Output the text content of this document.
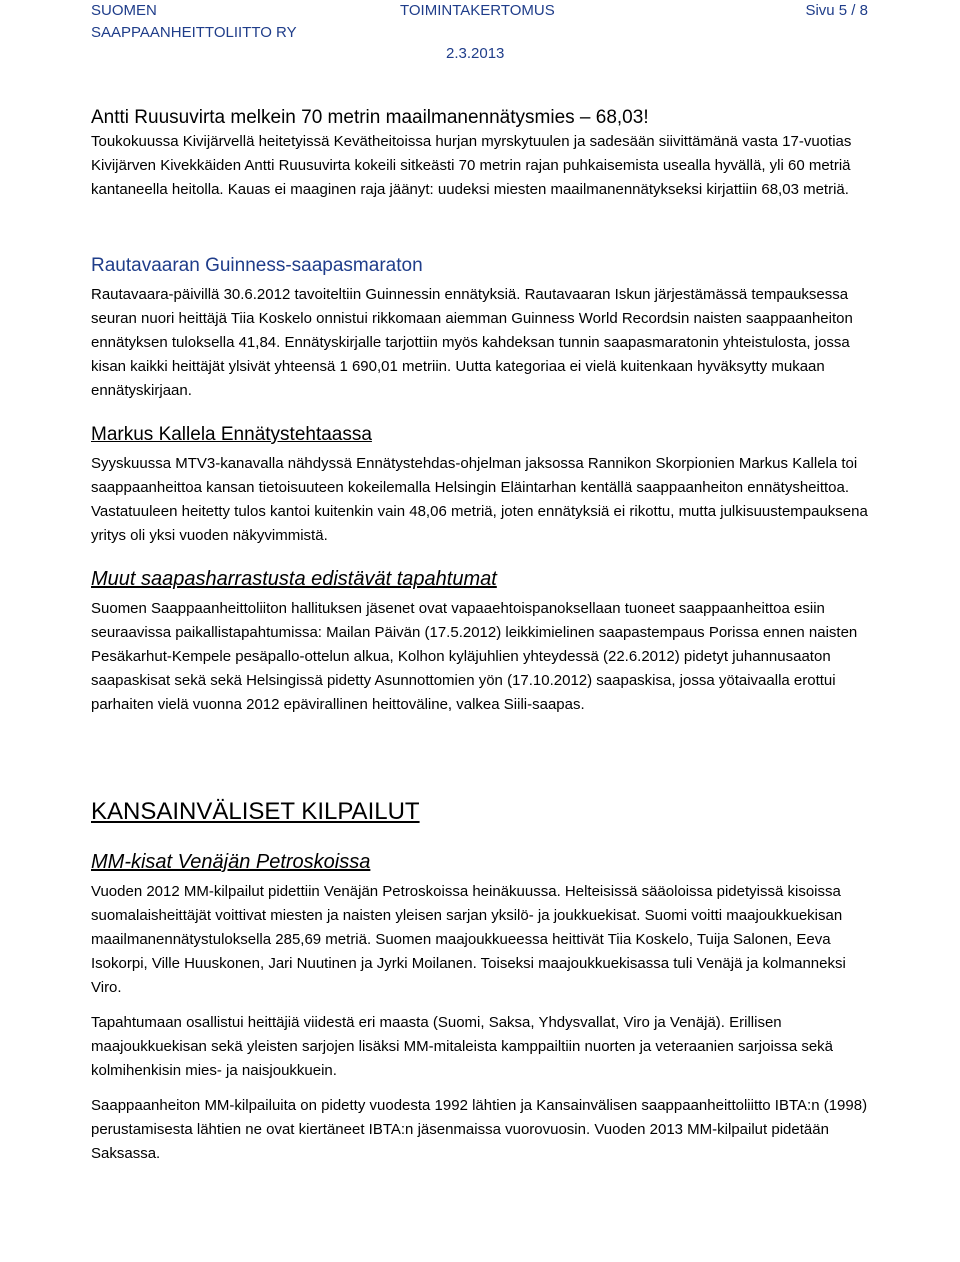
SUOMEN
SAAPPAANHEITTOLIITTO RY
TOIMINTAKERTOMUS
2.3.2013
Sivu 5 / 8

Antti Ruusuvirta melkein 70 metrin maailmanennätysmies – 68,03!

Toukokuussa Kivijärvellä heitetyissä Kevätheitoissa hurjan myrskytuulen ja sadesään siivittämänä vasta 17-vuotias Kivijärven Kivekkäiden Antti Ruusuvirta kokeili sitkeästi 70 metrin rajan puhkaisemista usealla hyvällä, yli 60 metriä kantaneella heitolla. Kauas ei maaginen raja jäänyt: uudeksi miesten maailmanennätykseksi kirjattiin 68,03 metriä.

Rautavaaran Guinness-saapasmaraton

Rautavaara-päivillä 30.6.2012 tavoiteltiin Guinnessin ennätyksiä. Rautavaaran Iskun järjestämässä tempauksessa seuran nuori heittäjä Tiia Koskelo onnistui rikkomaan aiemman Guinness World Recordsin naisten saappaanheiton ennätyksen tuloksella 41,84. Ennätyskirjalle tarjottiin myös kahdeksan tunnin saapasmaratonin yhteistulosta, jossa kisan kaikki heittäjät ylsivät yhteensä 1 690,01 metriin. Uutta kategoriaa ei vielä kuitenkaan hyväksytty mukaan ennätyskirjaan.

Markus Kallela Ennätystehtaassa

Syyskuussa MTV3-kanavalla nähdyssä Ennätystehdas-ohjelman jaksossa Rannikon Skorpionien Markus Kallela toi saappaanheittoa kansan tietoisuuteen kokeilemalla Helsingin Eläintarhan kentällä saappaanheiton ennätysheittoa. Vastatuuleen heitetty tulos kantoi kuitenkin vain 48,06 metriä, joten ennätyksiä ei rikottu, mutta julkisuustempauksena yritys oli yksi vuoden näkyvimmistä.

Muut saapasharrastusta edistävät tapahtumat

Suomen Saappaanheittoliiton hallituksen jäsenet ovat vapaaehtoispanoksellaan tuoneet saappaanheittoa esiin seuraavissa paikallistapahtumissa: Mailan Päivän (17.5.2012) leikkimielinen saapastempaus Porissa ennen naisten Pesäkarhut-Kempele pesäpallo-ottelun alkua, Kolhon kyläjuhlien yhteydessä (22.6.2012) pidetyt juhannusaaton saapaskisat sekä sekä Helsingissä pidetty Asunnottomien yön (17.10.2012) saapaskisa, jossa yötaivaalla erottui parhaiten vielä vuonna 2012 epävirallinen heittoväline, valkea Siili-saapas.

KANSAINVÄLISET KILPAILUT

MM-kisat Venäjän Petroskoissa

Vuoden 2012 MM-kilpailut pidettiin Venäjän Petroskoissa heinäkuussa. Helteisissä sääoloissa pidetyissä kisoissa suomalaisheittäjät voittivat miesten ja naisten yleisen sarjan yksilö- ja joukkuekisat. Suomi voitti maajoukkuekisan maailmanennätystuloksella 285,69 metriä. Suomen maajoukkueessa heittivät Tiia Koskelo, Tuija Salonen, Eeva Isokorpi, Ville Huuskonen, Jari Nuutinen ja Jyrki Moilanen. Toiseksi maajoukkuekisassa tuli Venäjä ja kolmanneksi Viro.

Tapahtumaan osallistui heittäjiä viidestä eri maasta (Suomi, Saksa, Yhdysvallat, Viro ja Venäjä). Erillisen maajoukkuekisan sekä yleisten sarjojen lisäksi MM-mitaleista kamppailtiin nuorten ja veteraanien sarjoissa sekä kolmihenkisin mies- ja naisjoukkuein.

Saappaanheiton MM-kilpailuita on pidetty vuodesta 1992 lähtien ja Kansainvälisen saappaanheittoliitto IBTA:n (1998) perustamisesta lähtien ne ovat kiertäneet IBTA:n jäsenmaissa vuorovuosin. Vuoden 2013 MM-kilpailut pidetään Saksassa.
